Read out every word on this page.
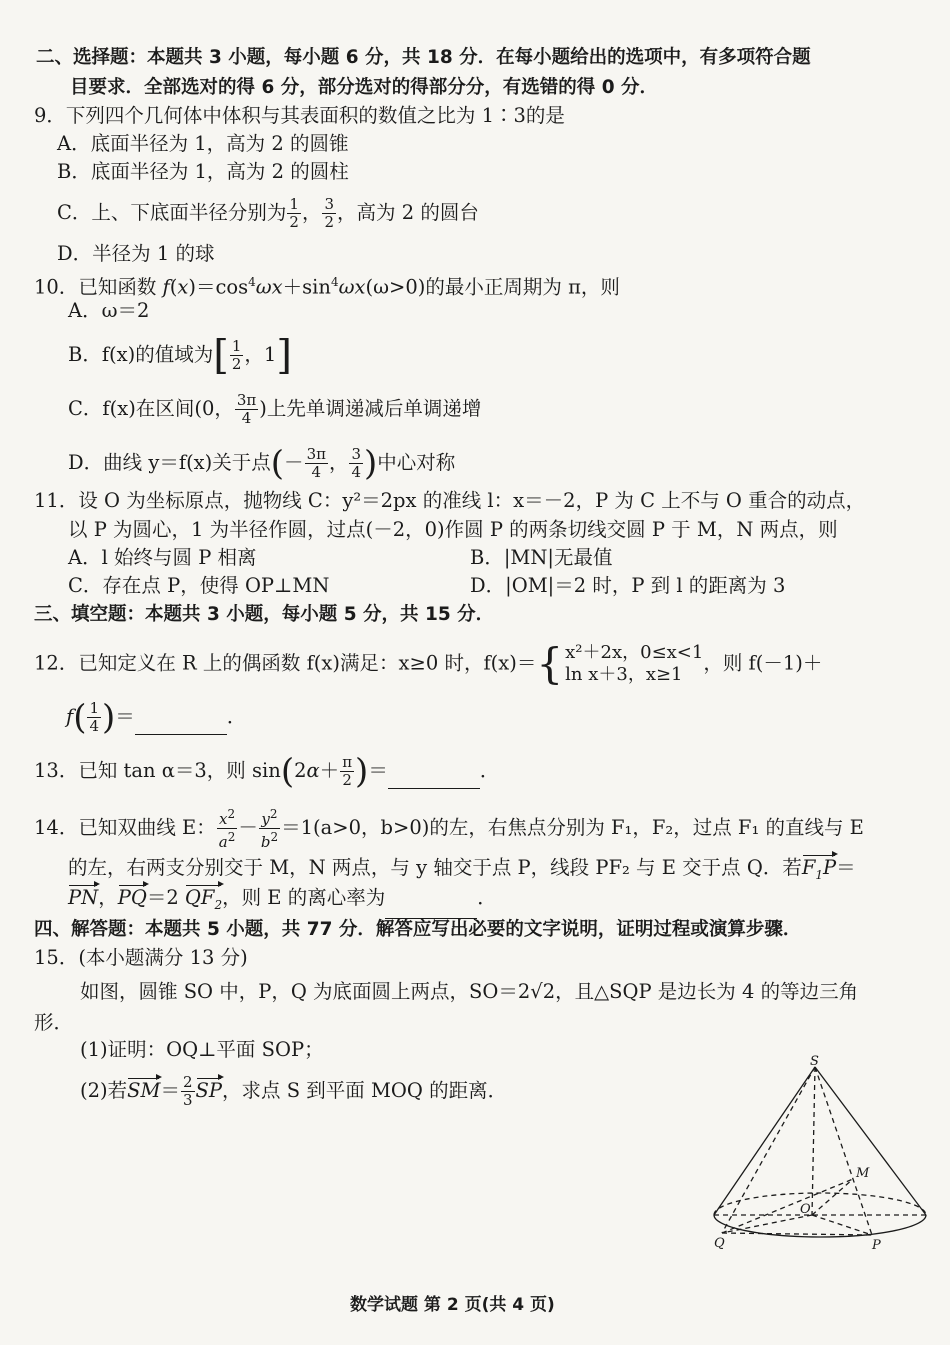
二、选择题：本题共 3 小题，每小题 6 分，共 18 分．在每小题给出的选项中，有多项符合题
目要求．全部选对的得 6 分，部分选对的得部分分，有选错的得 0 分．
9．下列四个几何体中体积与其表面积的数值之比为 1∶3的是
A．底面半径为 1，高为 2 的圆锥
B．底面半径为 1，高为 2 的圆柱
C．上、下底面半径分别为 $\frac{1}{2}$ ， $\frac{3}{2}$ ，高为 2 的圆台
D．半径为 1 的球
10．已知函数 $f(x)=\cos^4\omega x+\sin^4\omega x(\omega>0)$的最小正周期为 π，则
A．ω＝2
B．f(x)的值域为[ $\frac{1}{2}$ ，1]
C．f(x)在区间(0， $\frac{3\pi}{4}$ )上先单调递减后单调递增
D．曲线 y＝f(x)关于点(－ $\frac{3\pi}{4}$ ， $\frac{3}{4}$ )中心对称
11．设 O 为坐标原点，抛物线 C：y²＝2px 的准线 l：x＝－2，P 为 C 上不与 O 重合的动点，
以 P 为圆心，1 为半径作圆，过点(－2，0)作圆 P 的两条切线交圆 P 于 M，N 两点，则
A．l 始终与圆 P 相离	B．|MN|无最值
C．存在点 P，使得 OP⊥MN	D．|OM|＝2 时，P 到 l 的距离为 3
三、填空题：本题共 3 小题，每小题 5 分，共 15 分．
12．已知定义在 R 上的偶函数 f(x)满足：x≥0 时，f(x)＝{ x²＋2x，0≤x<1
ln x＋3，x≥1	，则 f(－1)＋
$f( \frac{1}{4}$ )＝	．
13．已知 tan α＝3，则 $\sin(2\alpha+ \frac{\pi}{2}$ )＝	．
14．已知双曲线 E： $\frac{x^2}{a^2} - \frac{y^2}{b^2} =1(a>0$，b>0)的左，右焦点分别为 F₁，F₂，过点 F₁ 的直线与 E
的左，右两支分别交于 M，N 两点，与 y 轴交于点 P，线段 PF₂ 与 E 交于点 Q．若$F_1P=$
PN，PQ＝2 $QF_2$，则 E 的离心率为	．
四、解答题：本题共 5 小题，共 77 分．解答应写出必要的文字说明，证明过程或演算步骤．
15．(本小题满分 13 分)
如图，圆锥 SO 中，P，Q 为底面圆上两点，SO＝2√2，且△SQP 是边长为 4 的等边三角
形．
(1)证明：OQ⊥平面 SOP；
(2)若$SM= \frac{2}{3}$ SP，求点 S 到平面 MOQ 的距离．
S
M
O
Q	P
数学试题 第 2 页(共 4 页)
